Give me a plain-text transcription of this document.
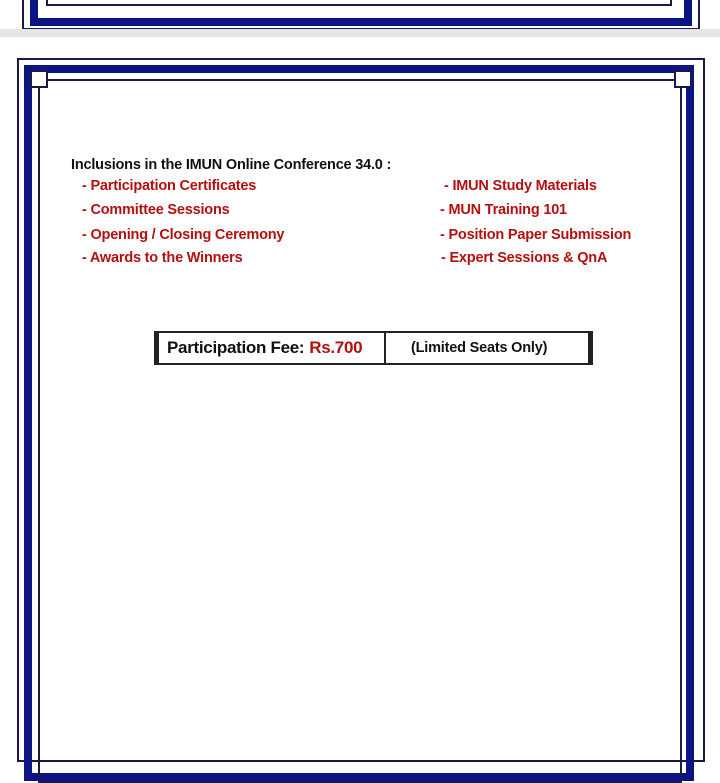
Inclusions in the IMUN Online Conference 34.0 :
- Participation Certificates
- Committee Sessions
- Opening / Closing Ceremony
- Awards to the Winners
- IMUN Study Materials
- MUN Training 101
- Position Paper Submission
- Expert Sessions & QnA
Participation Fee: Rs.700	(Limited Seats Only)
